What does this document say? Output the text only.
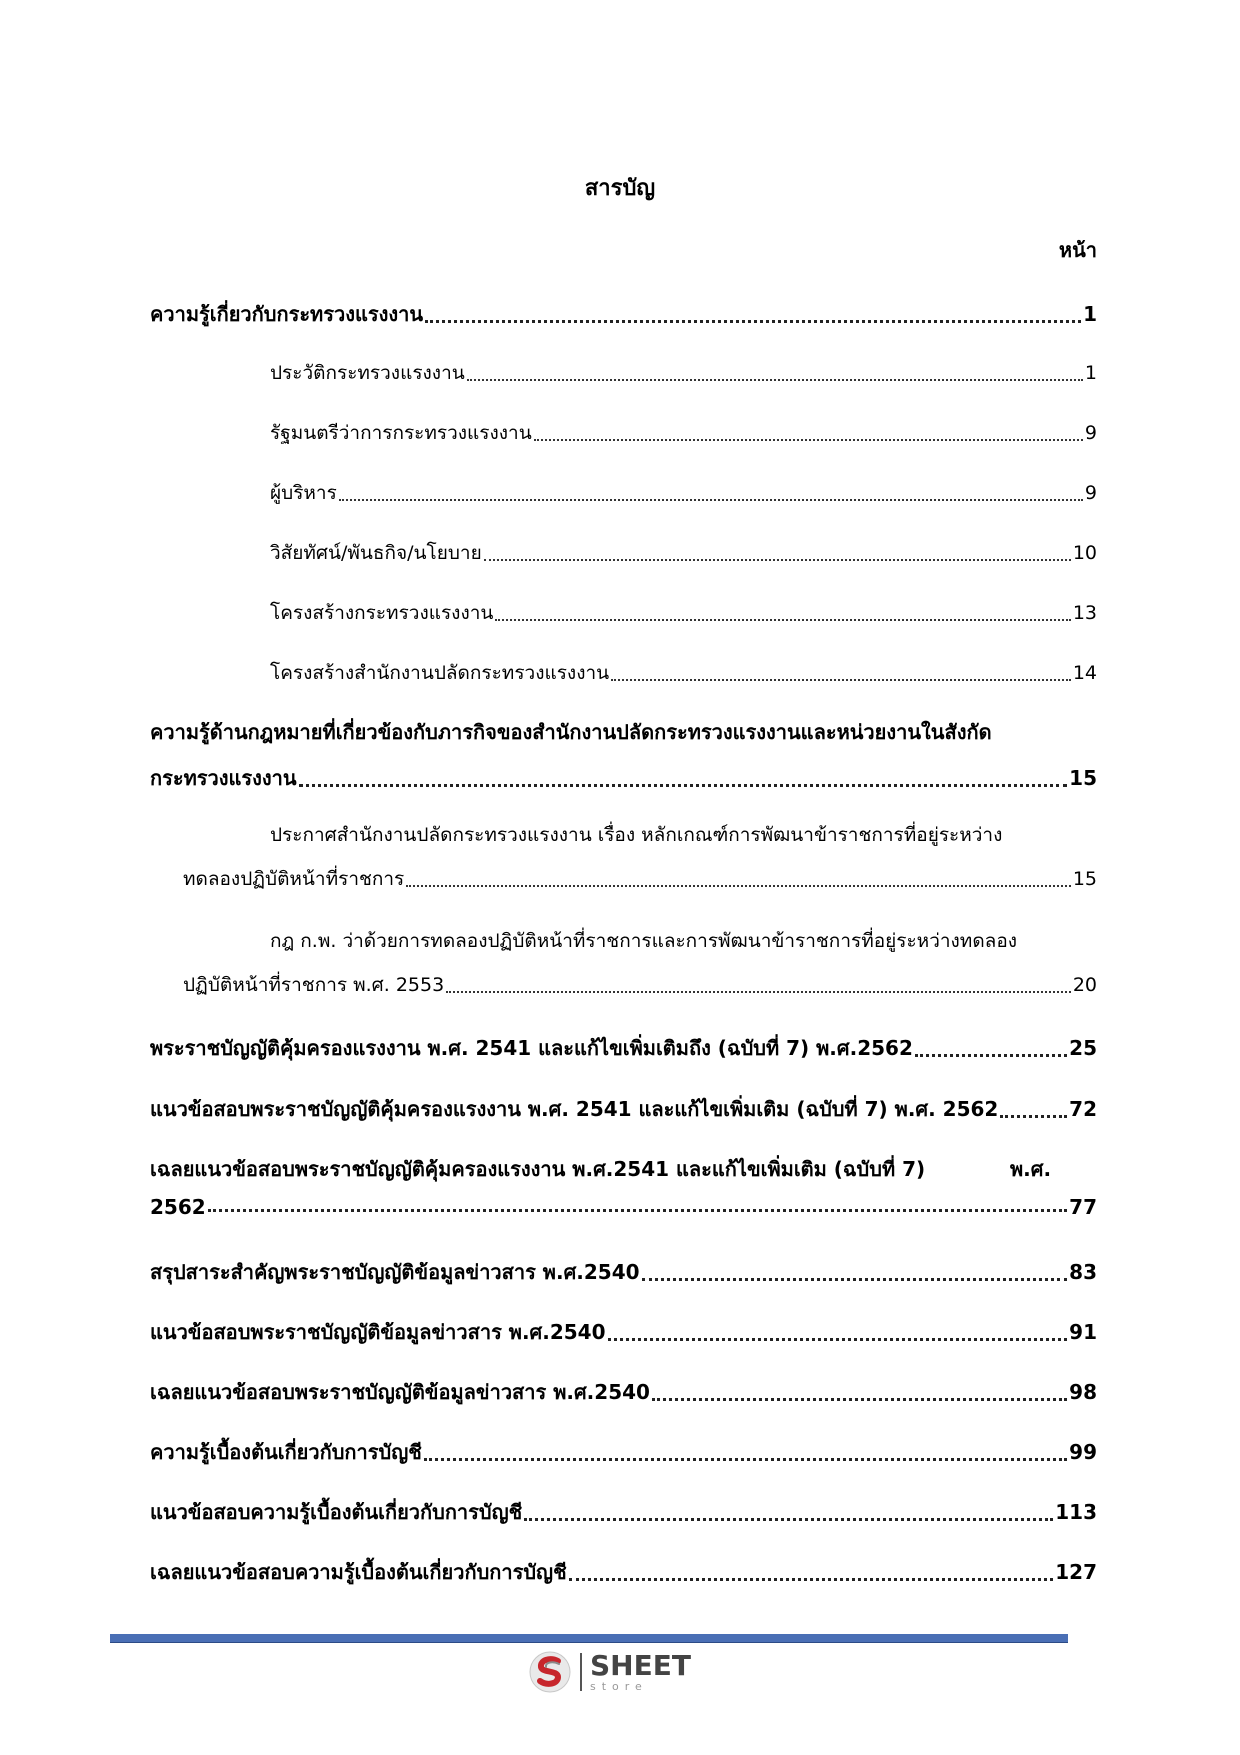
สารบัญ
หน้า
ความรู้เกี่ยวกับกระทรวงแรงงาน	1
ประวัติกระทรวงแรงงาน	1
รัฐมนตรีว่าการกระทรวงแรงงาน	9
ผู้บริหาร	9
วิสัยทัศน์/พันธกิจ/นโยบาย	10
โครงสร้างกระทรวงแรงงาน	13
โครงสร้างสำนักงานปลัดกระทรวงแรงงาน	14
ความรู้ด้านกฎหมายที่เกี่ยวข้องกับภารกิจของสำนักงานปลัดกระทรวงแรงงานและหน่วยงานในสังกัด
กระทรวงแรงงาน	15
ประกาศสำนักงานปลัดกระทรวงแรงงาน เรื่อง หลักเกณฑ์การพัฒนาข้าราชการที่อยู่ระหว่าง
ทดลองปฏิบัติหน้าที่ราชการ	15
กฎ ก.พ. ว่าด้วยการทดลองปฏิบัติหน้าที่ราชการและการพัฒนาข้าราชการที่อยู่ระหว่างทดลอง
ปฏิบัติหน้าที่ราชการ พ.ศ. 2553	20
พระราชบัญญัติคุ้มครองแรงงาน พ.ศ. 2541 และแก้ไขเพิ่มเติมถึง (ฉบับที่ 7) พ.ศ.2562	25
แนวข้อสอบพระราชบัญญัติคุ้มครองแรงงาน พ.ศ. 2541 และแก้ไขเพิ่มเติม (ฉบับที่ 7) พ.ศ. 2562	72
เฉลยแนวข้อสอบพระราชบัญญัติคุ้มครองแรงงาน พ.ศ.2541 และแก้ไขเพิ่มเติม (ฉบับที่ 7)	พ.ศ.
2562	77
สรุปสาระสำคัญพระราชบัญญัติข้อมูลข่าวสาร พ.ศ.2540	83
แนวข้อสอบพระราชบัญญัติข้อมูลข่าวสาร พ.ศ.2540	91
เฉลยแนวข้อสอบพระราชบัญญัติข้อมูลข่าวสาร พ.ศ.2540	98
ความรู้เบื้องต้นเกี่ยวกับการบัญชี	99
แนวข้อสอบความรู้เบื้องต้นเกี่ยวกับการบัญชี	113
เฉลยแนวข้อสอบความรู้เบื้องต้นเกี่ยวกับการบัญชี	127
SHEET
store
